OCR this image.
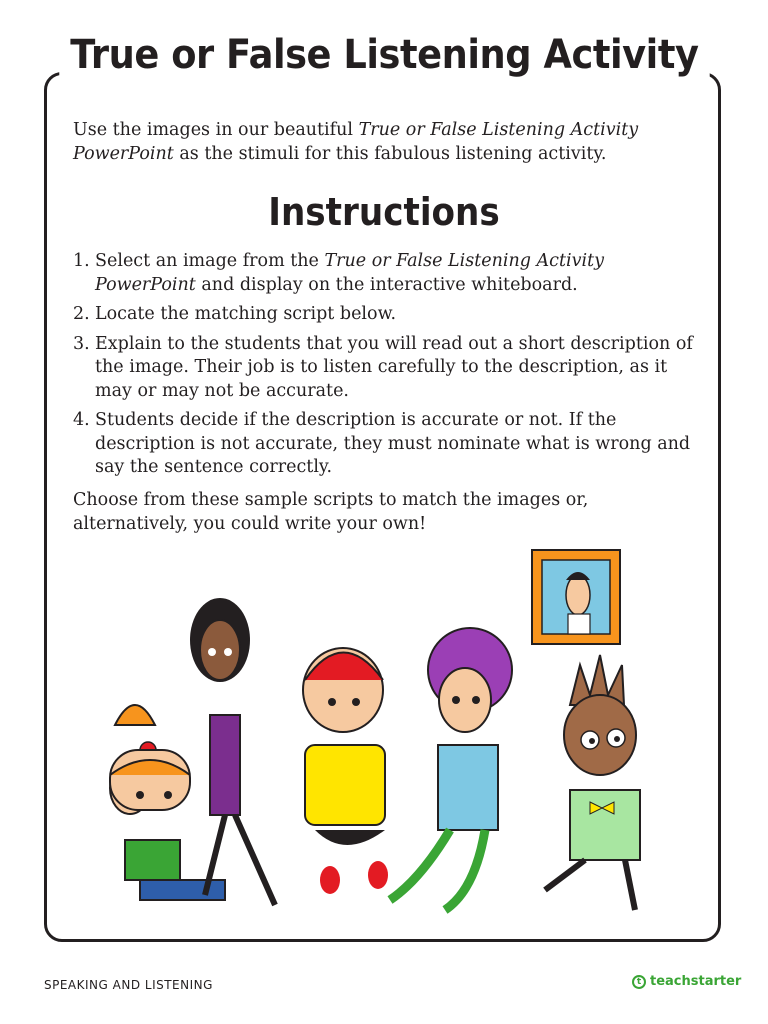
True or False Listening Activity

Use the images in our beautiful True or False Listening Activity PowerPoint as the stimuli for this fabulous listening activity.

Instructions
1. Select an image from the True or False Listening Activity PowerPoint and display on the interactive whiteboard.
2. Locate the matching script below.
3. Explain to the students that you will read out a short description of the image. Their job is to listen carefully to the description, as it may or may not be accurate.
4. Students decide if the description is accurate or not. If the description is not accurate, they must nominate what is wrong and say the sentence correctly.

Choose from these sample scripts to match the images or, alternatively, you could write your own!

SPEAKING AND LISTENING	t teachstarter
